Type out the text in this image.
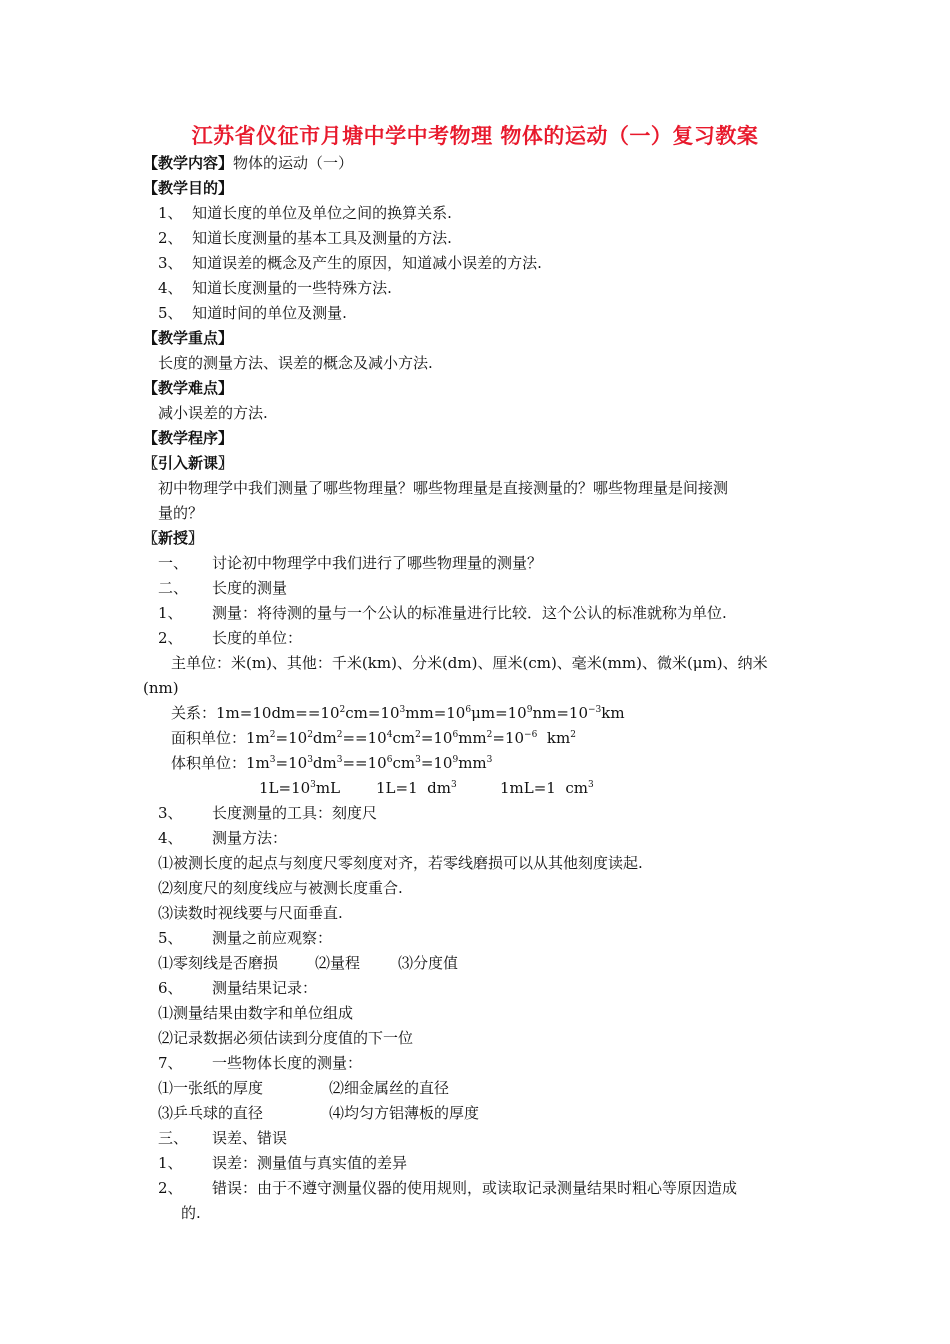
江苏省仪征市月塘中学中考物理 物体的运动（一）复习教案
【教学内容】物体的运动（一）
【教学目的】
1、 知道长度的单位及单位之间的换算关系.
2、 知道长度测量的基本工具及测量的方法.
3、 知道误差的概念及产生的原因，知道减小误差的方法.
4、 知道长度测量的一些特殊方法.
5、 知道时间的单位及测量.
【教学重点】
长度的测量方法、误差的概念及减小方法.
【教学难点】
减小误差的方法.
【教学程序】
〖引入新课〗
初中物理学中我们测量了哪些物理量？哪些物理量是直接测量的？哪些物理量是间接测
量的？
〖新授〗
一、 讨论初中物理学中我们进行了哪些物理量的测量？
二、 长度的测量
1、 测量：将待测的量与一个公认的标准量进行比较．这个公认的标准就称为单位.
2、 长度的单位：
主单位：米(m)、其他：千米(km)、分米(dm)、厘米(cm)、毫米(mm)、微米(μm)、纳米
(nm)
关系：$1m=10dm==10^2cm=10^3mm=10^6\mu m=10^9nm=10^{-3}km$
面积单位：$1m^2=10^2dm^2==10^4cm^2=10^6mm^2=10^{-6}$  $km^2$
体积单位：$1m^3=10^3dm^3==10^6cm^3=10^9mm^3$
$1L=10^3mL$ 1L=1  $dm^3$	1mL=1  $cm^3$
3、 长度测量的工具：刻度尺
4、 测量方法：
⑴被测长度的起点与刻度尺零刻度对齐，若零线磨损可以从其他刻度读起.
⑵刻度尺的刻度线应与被测长度重合.
⑶读数时视线要与尺面垂直.
5、 测量之前应观察：
⑴零刻线是否磨损 ⑵量程	⑶分度值
6、 测量结果记录：
⑴测量结果由数字和单位组成
⑵记录数据必须估读到分度值的下一位
7、 一些物体长度的测量：
⑴一张纸的厚度	⑵细金属丝的直径
⑶乒乓球的直径	⑷均匀方铝薄板的厚度
三、 误差、错误
1、 误差：测量值与真实值的差异
2、 错误：由于不遵守测量仪器的使用规则，或读取记录测量结果时粗心等原因造成
的.
